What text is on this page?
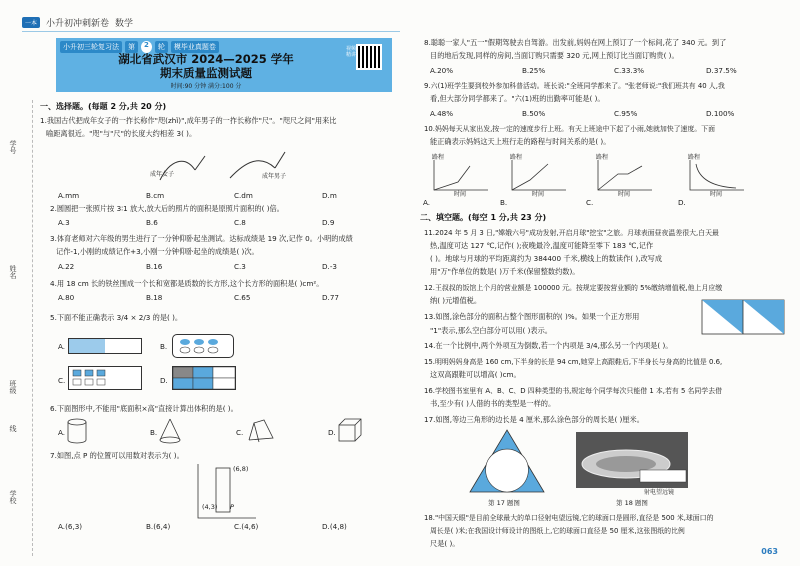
一本	小升初冲刺新卷 数学
小升初三轮复习法	第	2	轮	模毕业真题卷
湖北省武汉市 2024—2025 学年
期末质量监测试题
时间:90 分钟 满分:100 分
视频精讲
学号
姓名
班级
线
学校
一、选择题。(每题 2 分,共 20 分)
1.我国古代把成年女子的一拃长称作"咫(zhǐ)",成年男子的一拃长称作"尺"。"咫尺之间"用来比
喻距离很近。"咫"与"尺"的长度大约相差 3( )。
成年女子	成年男子
A.mm	B.cm	C.dm	D.m
2.圆圆把一张照片按 3∶1 放大,放大后的照片的面积是原照片面积的( )倍。
A.3	B.6	C.8	D.9
3.体育老师对六年级的男生进行了一分钟仰卧起坐测试。达标成绩是 19 次,记作 0。小明的成绩
记作-1,小刚的成绩记作+3,小刚一分钟仰卧起坐的成绩是( )次。
A.22	B.16	C.3	D.-3
4.用 18 cm 长的铁丝围成一个长和宽都是质数的长方形,这个长方形的面积是( )cm²。
A.80	B.18	C.65	D.77
5.下面不能正确表示 3/4 × 2/3 的是( )。
A.	B.
C.	D.
6.下面图形中,不能用"底面积×高"直接计算出体积的是( )。
A.	B.	C.	D.
7.如图,点 P 的位置可以用数对表示为( )。
(6,8)
(4,3) P
A.(6,3)	B.(6,4)	C.(4,6)	D.(4,8)
8.聪聪一家人"五一"假期驾驶去自驾游。出发前,妈妈在网上预订了一个标间,花了 340 元。到了
目的地后发现,同样的房间,当面订购只需要 320 元,网上预订比当面订购贵( )。
A.20%	B.25%	C.33.3%	D.37.5%
9.六(1)班学生要到校外参加科普活动。班长说:"全班同学都来了。"张老师说:"我们班共有 40 人,我
看,但大部分同学都来了。"六(1)班的出勤率可能是( )。
A.48%	B.50%	C.95%	D.100%
10.妈妈每天从家出发,按一定的速度步行上班。有天上班途中下起了小雨,她就加快了速度。下面
能正确表示妈妈这天上班行走的路程与时间关系的是( )。
路程
时间
A.
路程
时间
B.
路程
时间
C.
路程
时间
D.
二、填空题。(每空 1 分,共 23 分)
11.2024 年 5 月 3 日,"嫦娥六号"成功发射,开启月球"挖宝"之旅。月球表面昼夜温差很大,白天最
热,温度可达 127 ℃,记作( );夜晚最冷,温度可能降至零下 183 ℃,记作
( )。地球与月球的平均距离约为 384400 千米,横线上的数读作( ),改写成
用"万"作单位的数是( )万千米(保留整数约数)。
12.王叔叔的饭馆上个月的营业额是 100000 元。按规定要按营业额的 5%缴纳增值税,他上月应缴
纳( )元增值税。
13.如图,涂色部分的面积占整个图形面积的( )%。如果一个正方形用
"1"表示,那么空白部分可以用( )表示。
14.在一个比例中,两个外项互为倒数,若一个内项是 3/4,那么另一个内项是( )。
15.明明妈妈身高是 160 cm,下半身的长是 94 cm,她穿上高跟鞋后,下半身长与身高的比值是 0.6,
这双高跟鞋可以增高( )cm。
16.学校图书室里有 A、B、C、D 四种类型的书,规定每个同学每次只能借 1 本,若有 5 名同学去借
书,至少有( )人借的书的类型是一样的。
17.如图,等边三角形的边长是 4 厘米,那么涂色部分的周长是( )厘米。
第 17 题图
射电望远镜
第 18 题图
18."中国天眼"是目前全球最大的单口径射电望远镜,它的球面口是圆形,直径是 500 米,球面口的
周长是( )米;在我国设计师设计的图纸上,它的球面口直径是 50 厘米,这张图纸的比例
尺是( )。
063
